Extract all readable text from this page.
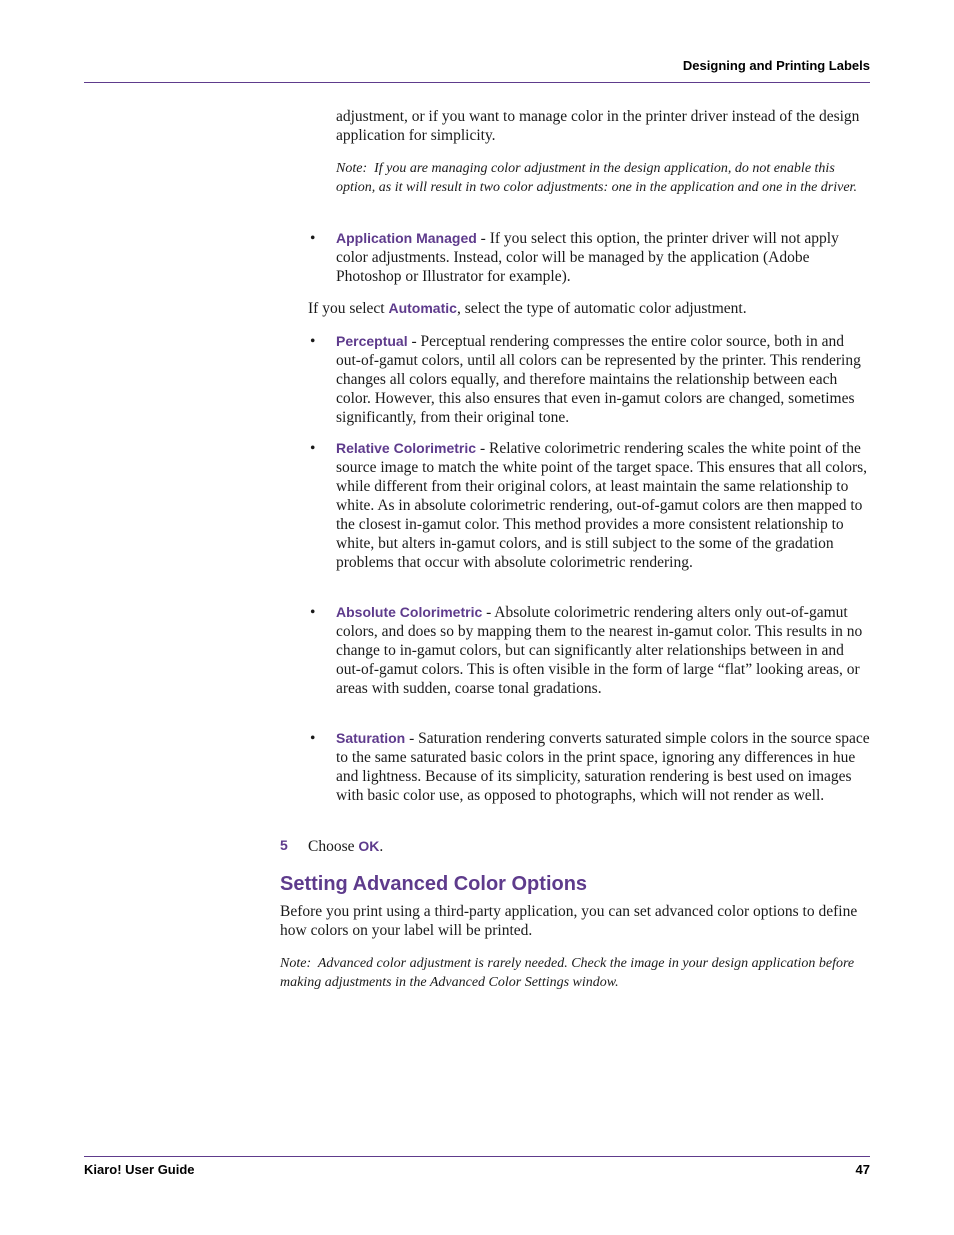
Designing and Printing Labels

adjustment, or if you want to manage color in the printer driver instead of the design application for simplicity.

Note: If you are managing color adjustment in the design application, do not enable this option, as it will result in two color adjustments: one in the application and one in the driver.

• Application Managed - If you select this option, the printer driver will not apply color adjustments. Instead, color will be managed by the application (Adobe Photoshop or Illustrator for example).

If you select Automatic, select the type of automatic color adjustment.

• Perceptual - Perceptual rendering compresses the entire color source, both in and out-of-gamut colors, until all colors can be represented by the printer. This rendering changes all colors equally, and therefore maintains the relationship between each color. However, this also ensures that even in-gamut colors are changed, sometimes significantly, from their original tone.

• Relative Colorimetric - Relative colorimetric rendering scales the white point of the source image to match the white point of the target space. This ensures that all colors, while different from their original colors, at least maintain the same relationship to white. As in absolute colorimetric rendering, out-of-gamut colors are then mapped to the closest in-gamut color. This method provides a more consistent relationship to white, but alters in-gamut colors, and is still subject to the some of the gradation problems that occur with absolute colorimetric rendering.

• Absolute Colorimetric - Absolute colorimetric rendering alters only out-of-gamut colors, and does so by mapping them to the nearest in-gamut color. This results in no change to in-gamut colors, but can significantly alter relationships between in and out-of-gamut colors. This is often visible in the form of large “flat” looking areas, or areas with sudden, coarse tonal gradations.

• Saturation - Saturation rendering converts saturated simple colors in the source space to the same saturated basic colors in the print space, ignoring any differences in hue and lightness. Because of its simplicity, saturation rendering is best used on images with basic color use, as opposed to photographs, which will not render as well.

5 Choose OK.

Setting Advanced Color Options

Before you print using a third-party application, you can set advanced color options to define how colors on your label will be printed.

Note: Advanced color adjustment is rarely needed. Check the image in your design application before making adjustments in the Advanced Color Settings window.

Kiaro! User Guide	47
